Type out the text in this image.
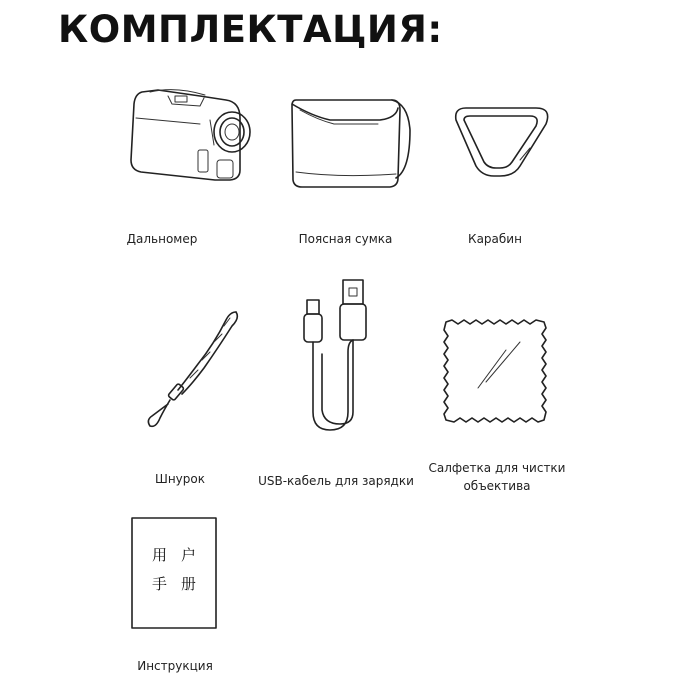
КОМПЛЕКТАЦИЯ:
Дальномер	Поясная сумка	Карабин
Шнурок	USB-кабель для зарядки
Салфетка для чистки
объектива
用 户
手 册
Инструкция
